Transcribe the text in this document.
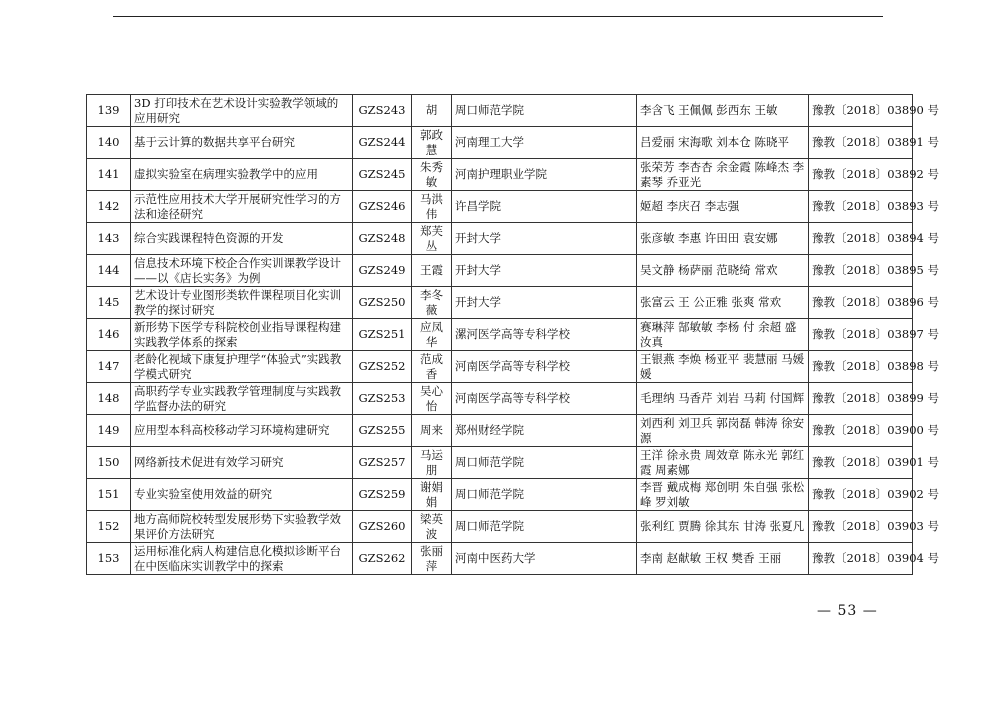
139	3D 打印技术在艺术设计实验教学领域的应用研究	GZS243	胡	周口师范学院	李含飞 王佩佩 彭西东 王敏	豫教〔2018〕03890 号
140	基于云计算的数据共享平台研究	GZS244	郭政慧	河南理工大学	吕爱丽 宋海歌 刘本仓 陈晓平	豫教〔2018〕03891 号
141	虚拟实验室在病理实验教学中的应用	GZS245	朱秀敏	河南护理职业学院	张荣芳 李杏杏 余金霞 陈峰杰 李素琴 乔亚光	豫教〔2018〕03892 号
142	示范性应用技术大学开展研究性学习的方法和途径研究	GZS246	马洪伟	许昌学院	姬超 李庆召 李志强	豫教〔2018〕03893 号
143	综合实践课程特色资源的开发	GZS248	郑芙丛	开封大学	张彦敏 李惠 许田田 袁安娜	豫教〔2018〕03894 号
144	信息技术环境下校企合作实训课教学设计——以《店长实务》为例	GZS249	王霞	开封大学	吴文静 杨萨丽 范晓绮 常欢	豫教〔2018〕03895 号
145	艺术设计专业图形类软件课程项目化实训教学的探讨研究	GZS250	李冬薇	开封大学	张富云 王 公正雅 张爽 常欢	豫教〔2018〕03896 号
146	新形势下医学专科院校创业指导课程构建实践教学体系的探索	GZS251	应凤华	漯河医学高等专科学校	赛琳萍 郜敏敏 李杨 付 余超 盛汝真	豫教〔2018〕03897 号
147	老龄化视域下康复护理学“体验式”实践教学模式研究	GZS252	范成香	河南医学高等专科学校	王银燕 李焕 杨亚平 裴慧丽 马媛媛	豫教〔2018〕03898 号
148	高职药学专业实践教学管理制度与实践教学监督办法的研究	GZS253	吴心怡	河南医学高等专科学校	毛理纳 马香芹 刘岩 马莉 付国辉	豫教〔2018〕03899 号
149	应用型本科高校移动学习环境构建研究	GZS255	周来	郑州财经学院	刘西利 刘卫兵 郭岗磊 韩涛 徐安源	豫教〔2018〕03900 号
150	网络新技术促进有效学习研究	GZS257	马运朋	周口师范学院	王洋 徐永贵 周效章 陈永光 郭红霞 周素娜	豫教〔2018〕03901 号
151	专业实验室使用效益的研究	GZS259	谢娟娟	周口师范学院	李晋 戴成梅 郑创明 朱自强 张松峰 罗刘敏	豫教〔2018〕03902 号
152	地方高师院校转型发展形势下实验教学效果评价方法研究	GZS260	梁英波	周口师范学院	张利红 贾腾 徐其东 甘涛 张夏凡	豫教〔2018〕03903 号
153	运用标准化病人构建信息化模拟诊断平台在中医临床实训教学中的探索	GZS262	张丽萍	河南中医药大学	李南 赵献敏 王权 樊香 王丽	豫教〔2018〕03904 号
— 53 —
